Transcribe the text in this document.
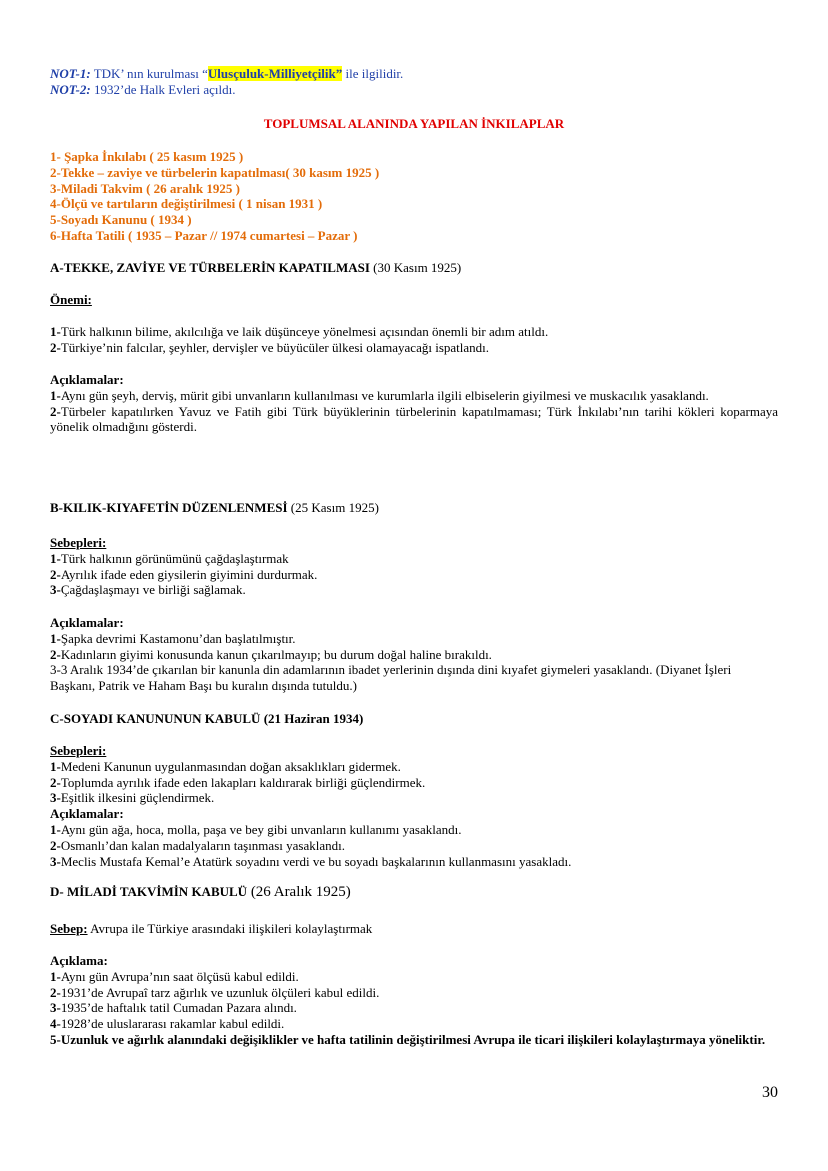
NOT-1: TDK’ nın kurulması “Ulusçuluk-Milliyetçilik” ile ilgilidir.
NOT-2: 1932’de Halk Evleri açıldı.
TOPLUMSAL ALANINDA YAPILAN İNKILAPLAR
1- Şapka İnkılabı ( 25 kasım 1925 )
2-Tekke – zaviye ve türbelerin kapatılması( 30 kasım 1925 )
3-Miladi Takvim ( 26 aralık 1925 )
4-Ölçü ve tartıların değiştirilmesi ( 1 nisan 1931 )
5-Soyadı Kanunu ( 1934 )
6-Hafta Tatili ( 1935 – Pazar // 1974 cumartesi – Pazar )
A-TEKKE, ZAVİYE VE TÜRBELERİN KAPATILMASI (30 Kasım 1925)
Önemi:
1-Türk halkının bilime, akılcılığa ve laik düşünceye yönelmesi açısından önemli bir adım atıldı.
2-Türkiye’nin falcılar, şeyhler, dervişler ve büyücüler ülkesi olamayacağı ispatlandı.
Açıklamalar:
1-Aynı gün şeyh, derviş, mürit gibi unvanların kullanılması ve kurumlarla ilgili elbiselerin giyilmesi ve muskacılık yasaklandı.
2-Türbeler kapatılırken Yavuz ve Fatih gibi Türk büyüklerinin türbelerinin kapatılmaması; Türk İnkılabı’nın tarihi kökleri koparmaya yönelik olmadığını gösterdi.
B-KILIK-KIYAFETİN DÜZENLENMESİ (25 Kasım 1925)
Sebepleri:
1-Türk halkının görünümünü çağdaşlaştırmak
2-Ayrılık ifade eden giysilerin giyimini durdurmak.
3-Çağdaşlaşmayı ve birliği sağlamak.
Açıklamalar:
1-Şapka devrimi Kastamonu’dan başlatılmıştır.
2-Kadınların giyimi konusunda kanun çıkarılmayıp; bu durum doğal haline bırakıldı.
3-3 Aralık 1934’de çıkarılan bir kanunla din adamlarının ibadet yerlerinin dışında dini kıyafet giymeleri yasaklandı. (Diyanet İşleri Başkanı, Patrik ve Haham Başı bu kuralın dışında tutuldu.)
C-SOYADI KANUNUNUN KABULÜ (21 Haziran 1934)
Sebepleri:
1-Medeni Kanunun uygulanmasından doğan aksaklıkları gidermek.
2-Toplumda ayrılık ifade eden lakapları kaldırarak birliği güçlendirmek.
3-Eşitlik ilkesini güçlendirmek.
Açıklamalar:
1-Aynı gün ağa, hoca, molla, paşa ve bey gibi unvanların kullanımı yasaklandı.
2-Osmanlı’dan kalan madalyaların taşınması yasaklandı.
3-Meclis Mustafa Kemal’e Atatürk soyadını verdi ve bu soyadı başkalarının kullanmasını yasakladı.
D- MİLADİ TAKVİMİN KABULÜ (26 Aralık 1925)
Sebep: Avrupa ile Türkiye arasındaki ilişkileri kolaylaştırmak
Açıklama:
1-Aynı gün Avrupa’nın saat ölçüsü kabul edildi.
2-1931’de Avrupaî tarz ağırlık ve uzunluk ölçüleri kabul edildi.
3-1935’de haftalık tatil Cumadan Pazara alındı.
4-1928’de uluslararası rakamlar kabul edildi.
5-Uzunluk ve ağırlık alanındaki değişiklikler ve hafta tatilinin değiştirilmesi Avrupa ile ticari ilişkileri kolaylaştırmaya yöneliktir.
30
